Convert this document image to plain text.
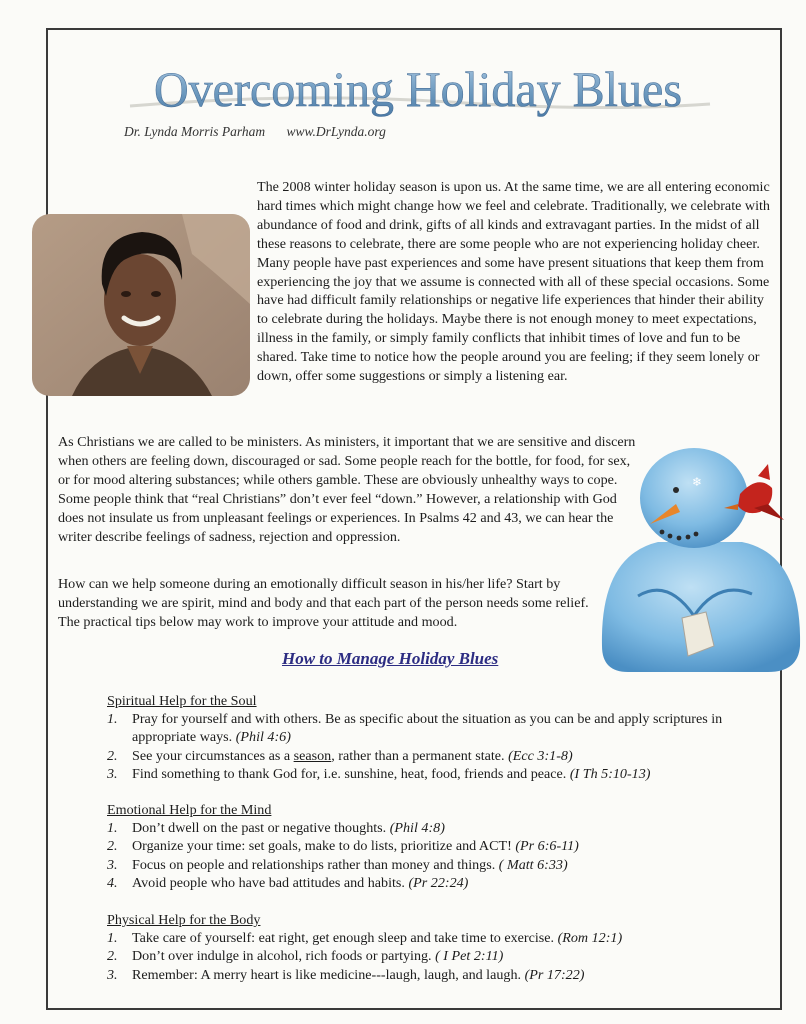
Overcoming Holiday Blues
Dr. Lynda Morris Parham www.DrLynda.org
The 2008 winter holiday season is upon us. At the same time, we are all entering economic hard times which might change how we feel and celebrate. Traditionally, we celebrate with abundance of food and drink, gifts of all kinds and extravagant parties. In the midst of all these reasons to celebrate, there are some people who are not experiencing holiday cheer. Many people have past experiences and some have present situations that keep them from experiencing the joy that we assume is connected with all of these special occasions. Some have had difficult family relationships or negative life experiences that hinder their ability to celebrate during the holidays. Maybe there is not enough money to meet expectations, illness in the family, or simply family conflicts that inhibit times of love and fun to be shared. Take time to notice how the people around you are feeling; if they seem lonely or down, offer some suggestions or simply a listening ear.
As Christians we are called to be ministers. As ministers, it important that we are sensitive and discern when others are feeling down, discouraged or sad. Some people reach for the bottle, for food, for sex, or for mood altering substances; while others gamble. These are obviously unhealthy ways to cope. Some people think that “real Christians” don’t ever feel “down.” However, a relationship with God does not insulate us from unpleasant feelings or experiences. In Psalms 42 and 43, we can hear the writer describe feelings of sadness, rejection and oppression.
How can we help someone during an emotionally difficult season in his/her life? Start by understanding we are spirit, mind and body and that each part of the person needs some relief. The practical tips below may work to improve your attitude and mood.
❄
How to Manage Holiday Blues
Spiritual Help for the Soul
1. Pray for yourself and with others. Be as specific about the situation as you can be and apply scriptures in appropriate ways. (Phil 4:6)
2. See your circumstances as a season, rather than a permanent state. (Ecc 3:1-8)
3. Find something to thank God for, i.e. sunshine, heat, food, friends and peace. (I Th 5:10-13)
Emotional Help for the Mind
1. Don’t dwell on the past or negative thoughts. (Phil 4:8)
2. Organize your time: set goals, make to do lists, prioritize and ACT! (Pr 6:6-11)
3. Focus on people and relationships rather than money and things. ( Matt 6:33)
4. Avoid people who have bad attitudes and habits. (Pr 22:24)
Physical Help for the Body
1. Take care of yourself: eat right, get enough sleep and take time to exercise. (Rom 12:1)
2. Don’t over indulge in alcohol, rich foods or partying. ( I Pet 2:11)
3. Remember: A merry heart is like medicine---laugh, laugh, and laugh. (Pr 17:22)
